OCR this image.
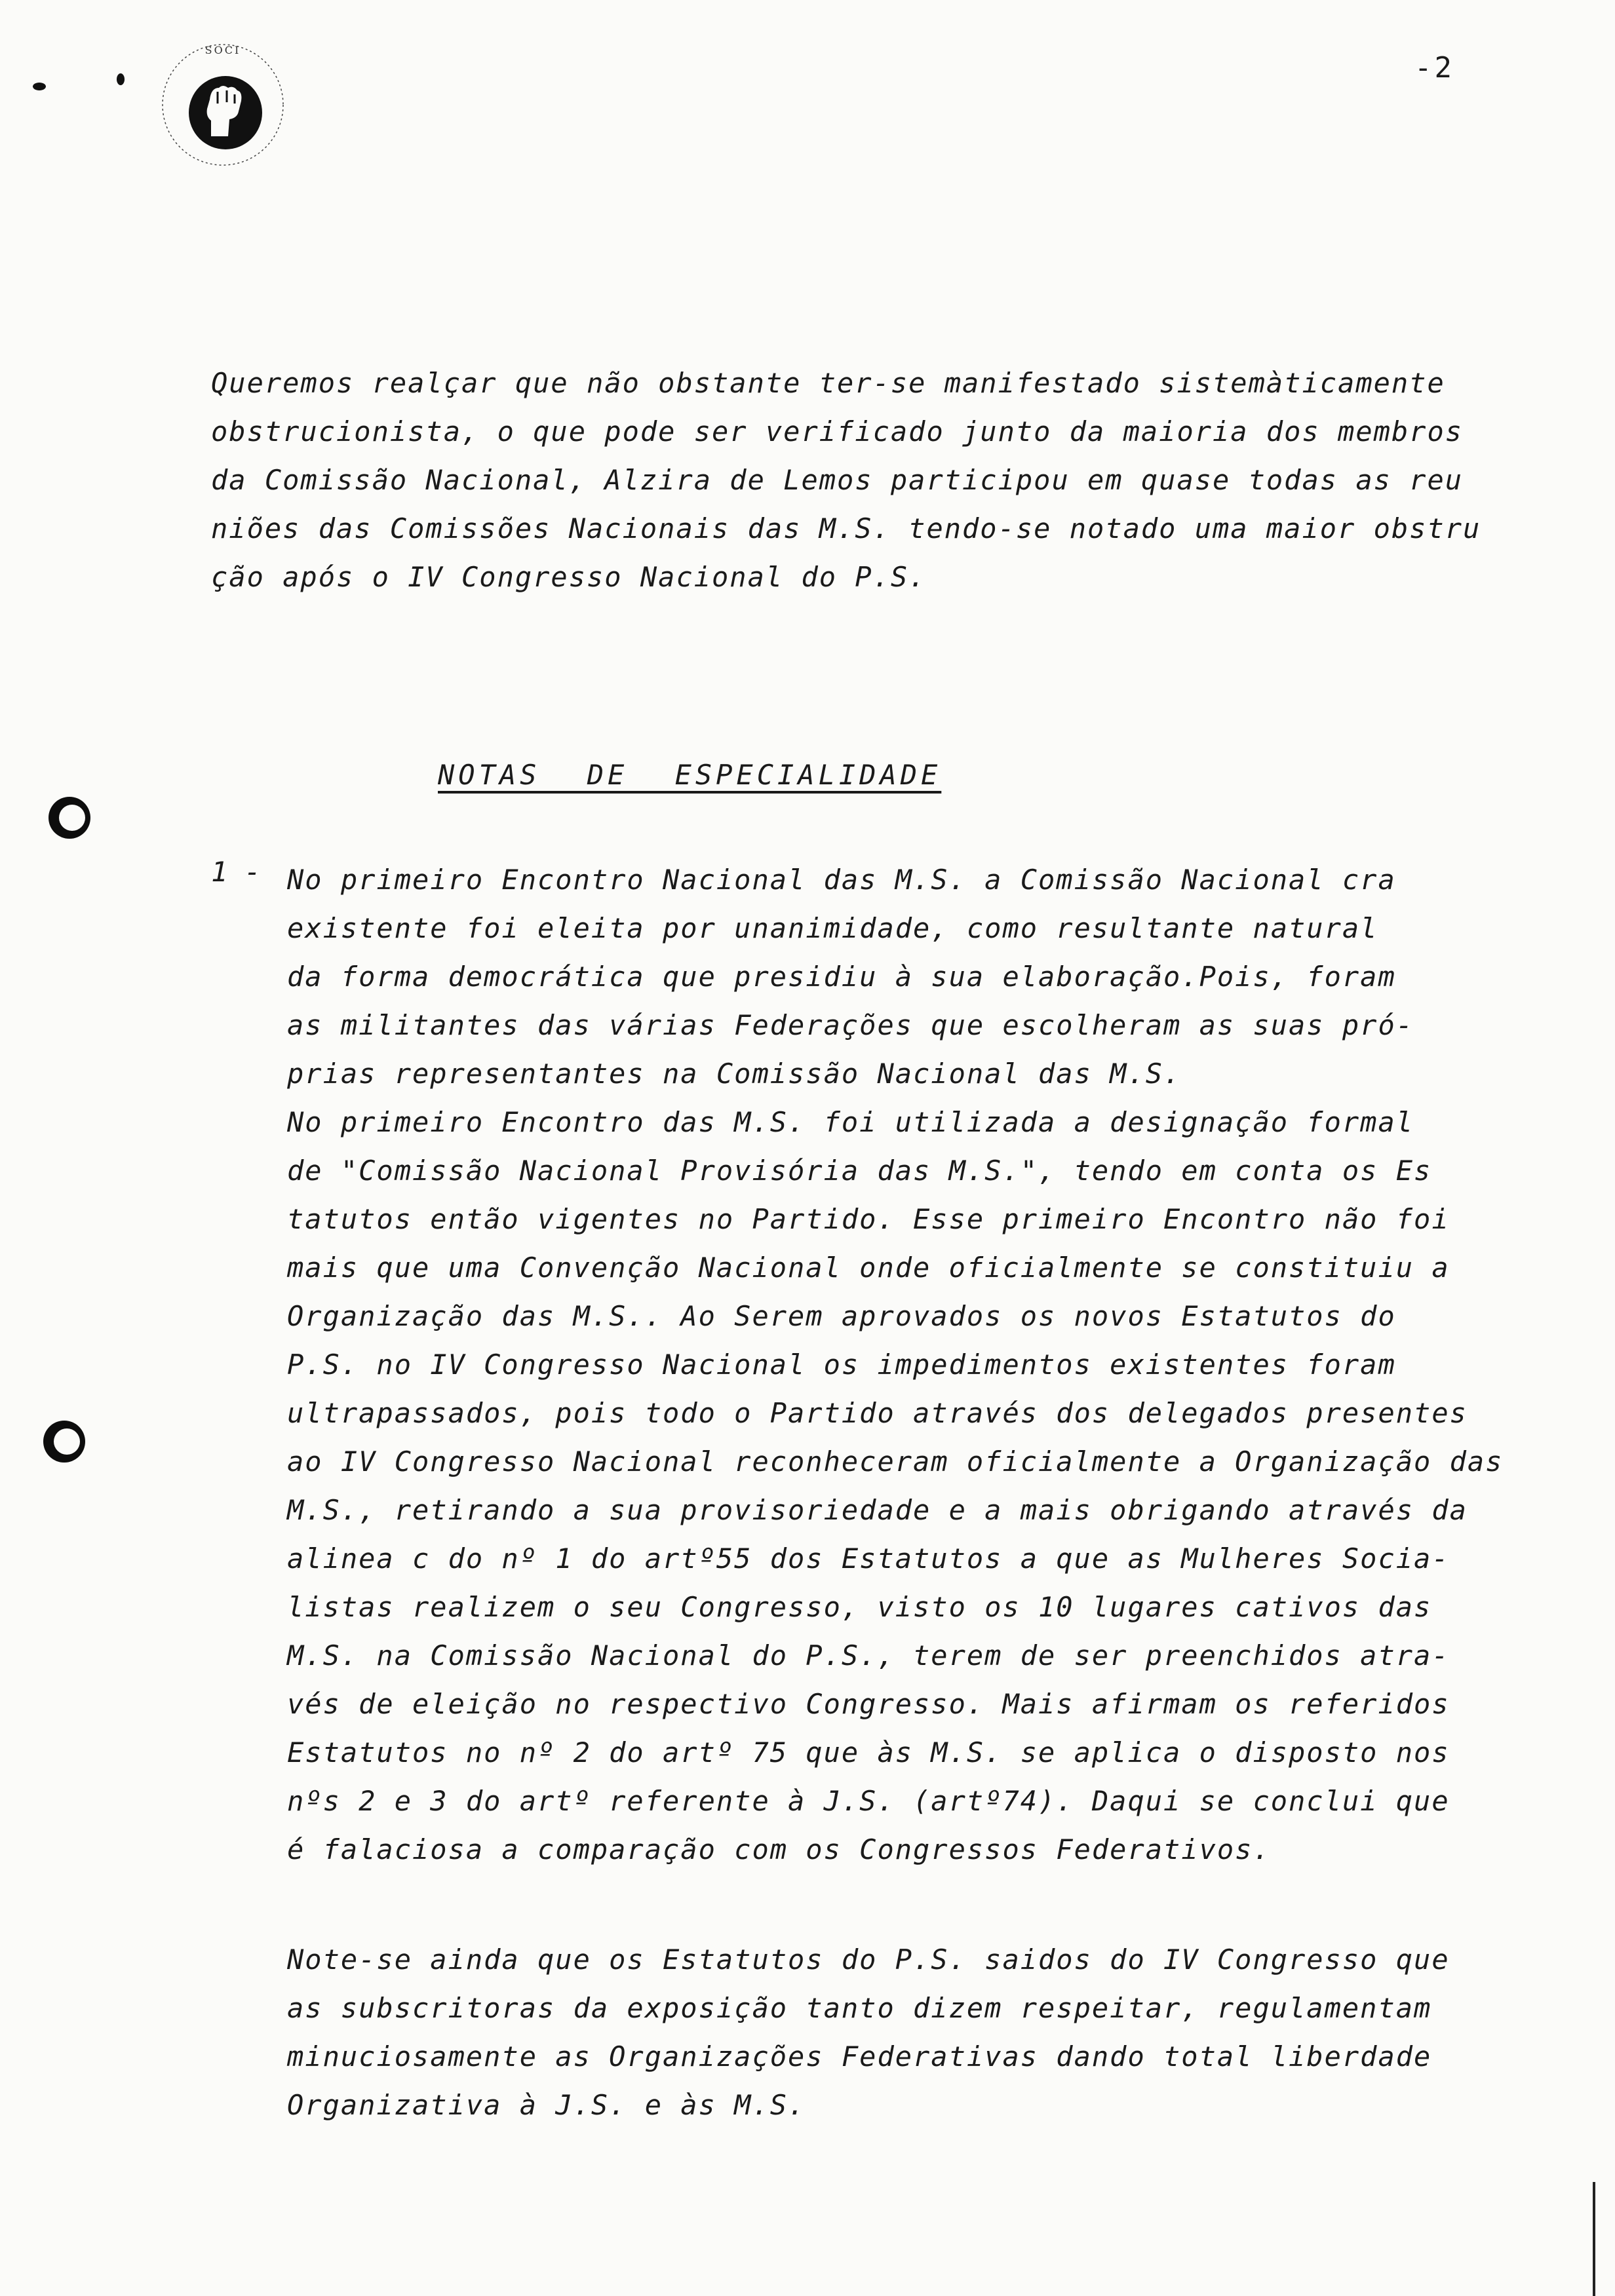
SOCI
-2
Queremos realçar que não obstante ter-se manifestado sistemàticamente
obstrucionista, o que pode ser verificado junto da maioria dos membros
da Comissão Nacional, Alzira de Lemos participou em quase todas as reu
niões das Comissões Nacionais das M.S. tendo-se notado uma maior obstru
ção após o IV Congresso Nacional do P.S.
NOTAS DE ESPECIALIDADE
1 - No primeiro Encontro Nacional das M.S. a Comissão Nacional cra
existente foi eleita por unanimidade, como resultante natural
da forma democrática que presidiu à sua elaboração.Pois, foram
as militantes das várias Federações que escolheram as suas pró-
prias representantes na Comissão Nacional das M.S.
No primeiro Encontro das M.S. foi utilizada a designação formal
de "Comissão Nacional Provisória das M.S.", tendo em conta os Es
tatutos então vigentes no Partido. Esse primeiro Encontro não foi
mais que uma Convenção Nacional onde oficialmente se constituiu a
Organização das M.S.. Ao Serem aprovados os novos Estatutos do
P.S. no IV Congresso Nacional os impedimentos existentes foram
ultrapassados, pois todo o Partido através dos delegados presentes
ao IV Congresso Nacional reconheceram oficialmente a Organização das
M.S., retirando a sua provisoriedade e a mais obrigando através da
alinea c do nº 1 do artº55 dos Estatutos a que as Mulheres Socia-
listas realizem o seu Congresso, visto os 10 lugares cativos das
M.S. na Comissão Nacional do P.S., terem de ser preenchidos atra-
vés de eleição no respectivo Congresso. Mais afirmam os referidos
Estatutos no nº 2 do artº 75 que às M.S. se aplica o disposto nos
nºs 2 e 3 do artº referente à J.S. (artº74). Daqui se conclui que
é falaciosa a comparação com os Congressos Federativos.
Note-se ainda que os Estatutos do P.S. saidos do IV Congresso que
as subscritoras da exposição tanto dizem respeitar, regulamentam
minuciosamente as Organizações Federativas dando total liberdade
Organizativa à J.S. e às M.S.
